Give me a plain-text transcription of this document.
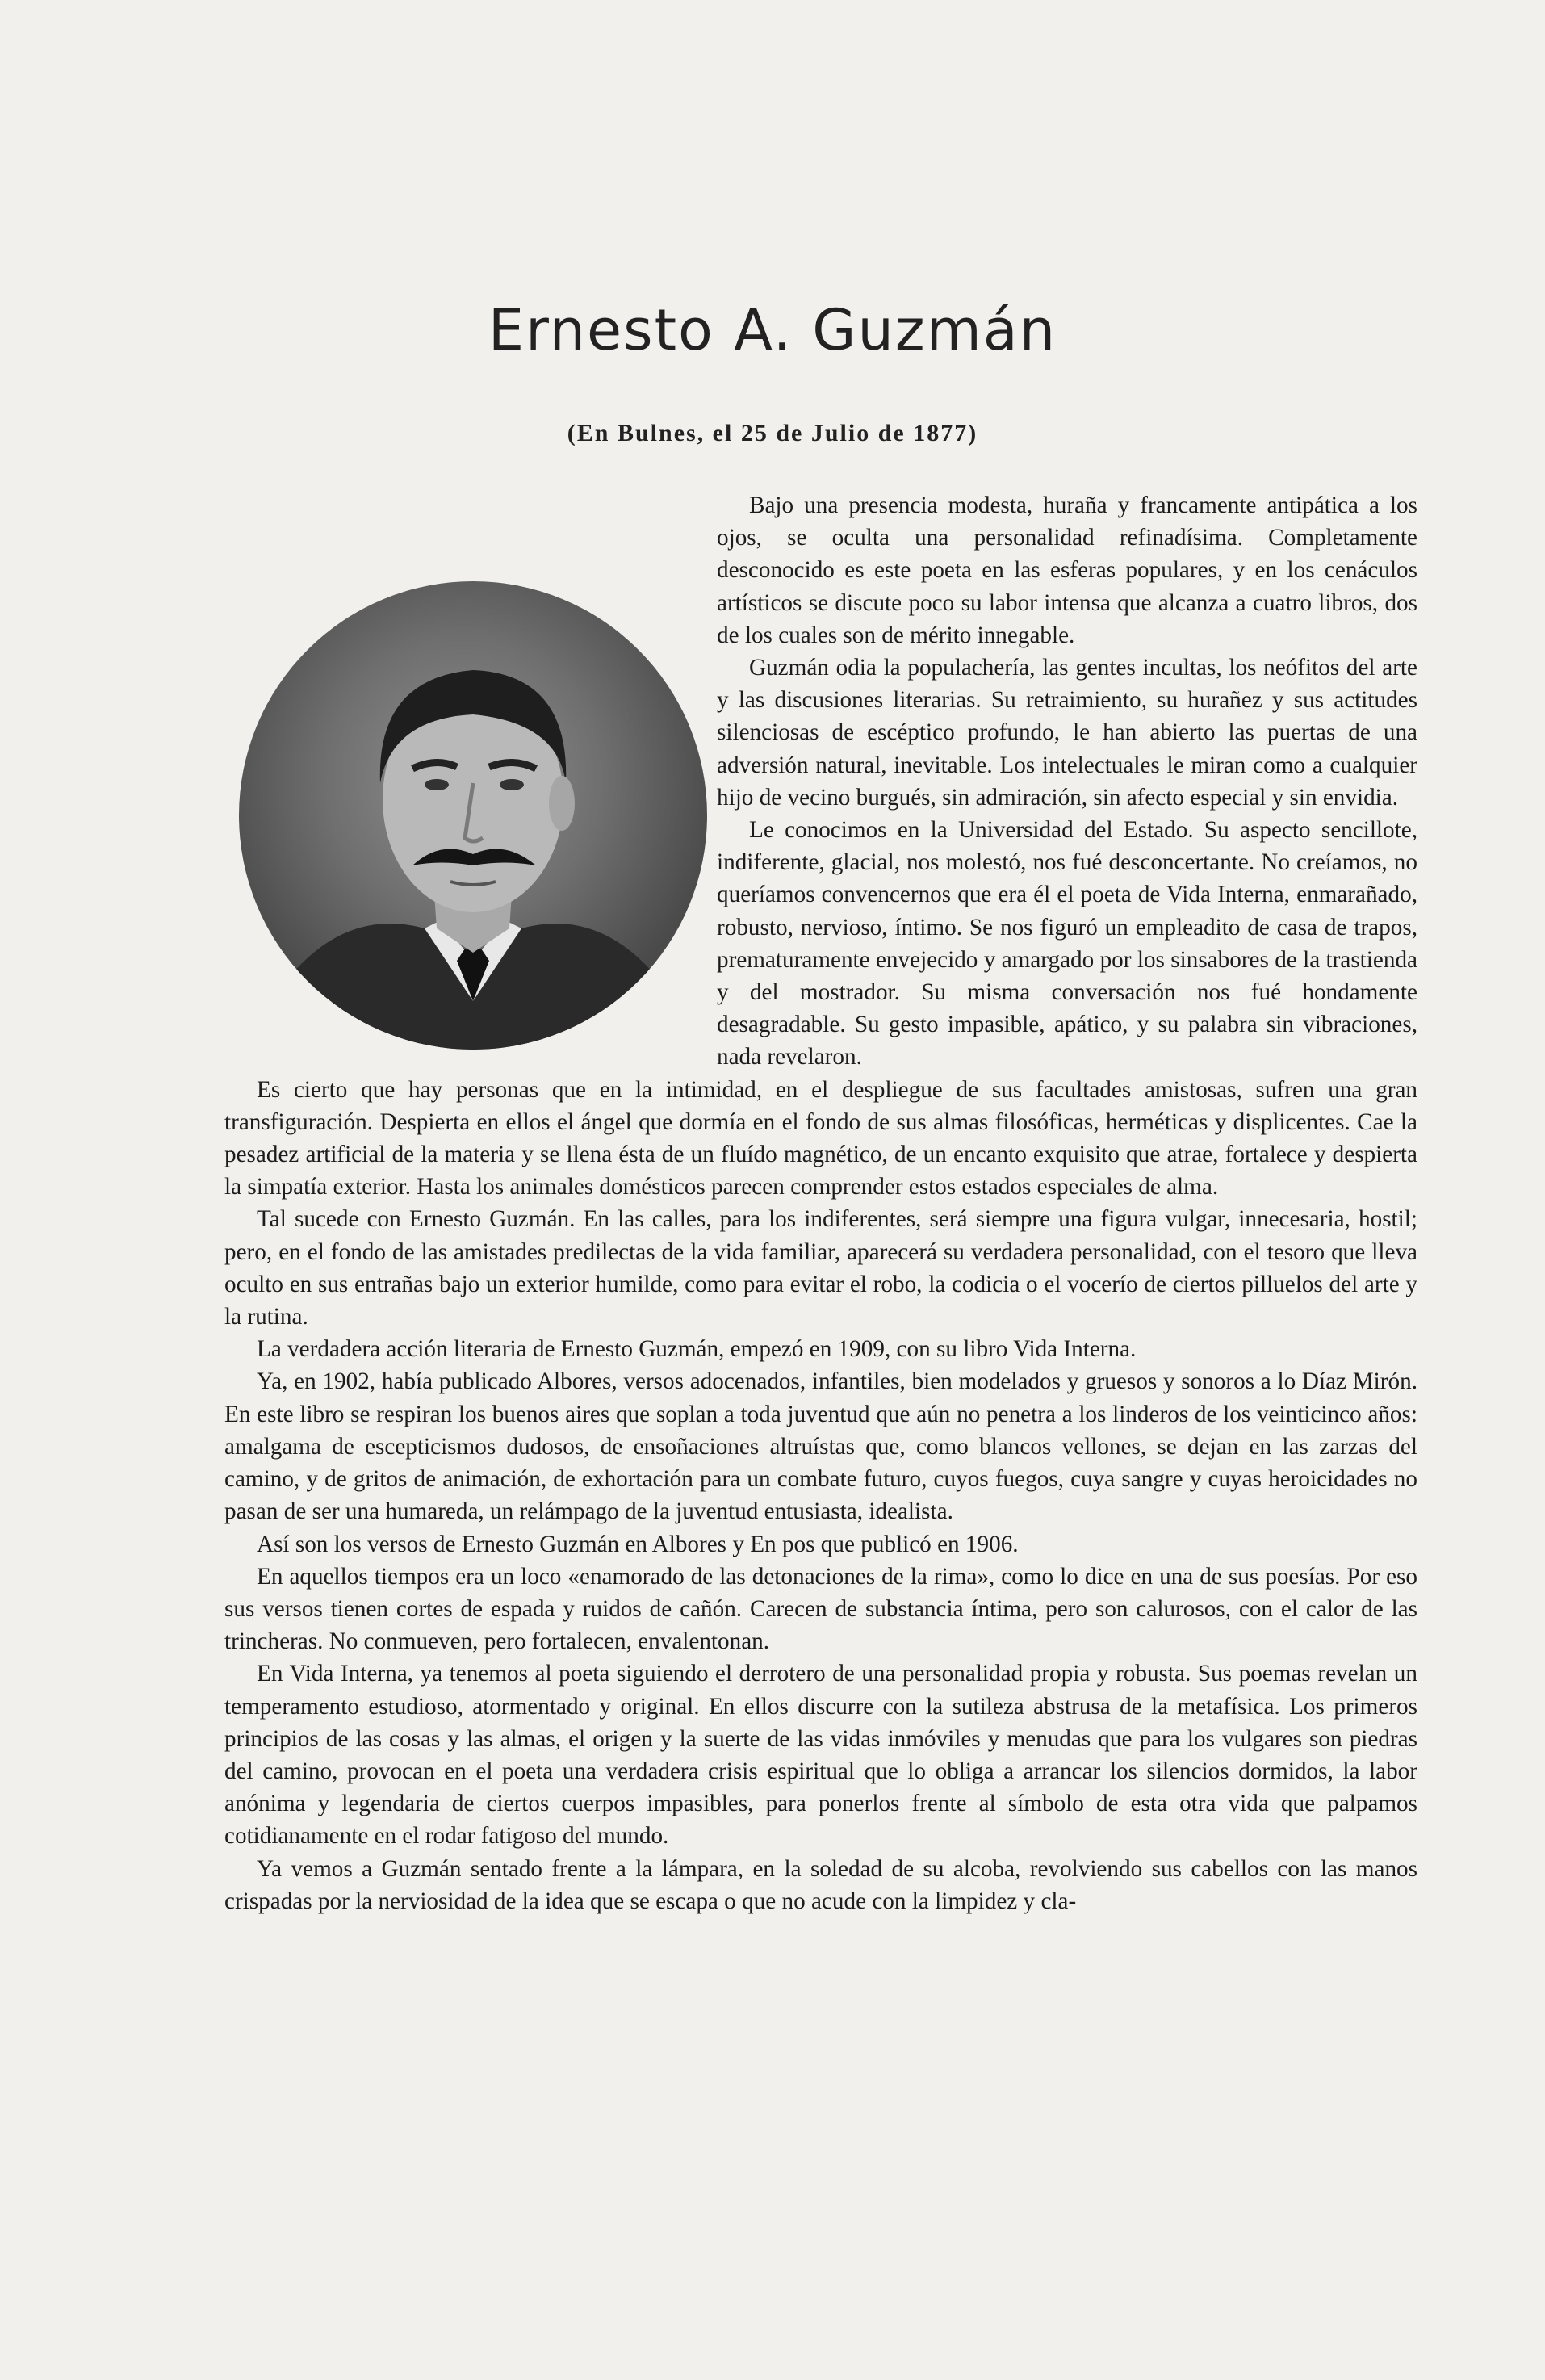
Ernesto A. Guzmán
(En Bulnes, el 25 de Julio de 1877)

Bajo una presencia modesta, huraña y francamente antipática a los ojos, se oculta una personalidad refinadísima. Completamente desconocido es este poeta en las esferas populares, y en los cenáculos artísticos se discute poco su labor intensa que alcanza a cuatro libros, dos de los cuales son de mérito innegable.

Guzmán odia la populachería, las gentes incultas, los neófitos del arte y las discusiones literarias. Su retraimiento, su hurañez y sus actitudes silenciosas de escéptico profundo, le han abierto las puertas de una adversión natural, inevitable. Los intelectuales le miran como a cualquier hijo de vecino burgués, sin admiración, sin afecto especial y sin envidia.

Le conocimos en la Universidad del Estado. Su aspecto sencillote, indiferente, glacial, nos molestó, nos fué desconcertante. No creíamos, no queríamos convencernos que era él el poeta de Vida Interna, enmarañado, robusto, nervioso, íntimo. Se nos figuró un empleadito de casa de trapos, prematuramente envejecido y amargado por los sinsabores de la trastienda y del mostrador. Su misma conversación nos fué hondamente desagradable. Su gesto impasible, apático, y su palabra sin vibraciones, nada revelaron.

Es cierto que hay personas que en la intimidad, en el despliegue de sus facultades amistosas, sufren una gran transfiguración. Despierta en ellos el ángel que dormía en el fondo de sus almas filosóficas, herméticas y displicentes. Cae la pesadez artificial de la materia y se llena ésta de un fluído magnético, de un encanto exquisito que atrae, fortalece y despierta la simpatía exterior. Hasta los animales domésticos parecen comprender estos estados especiales de alma.

Tal sucede con Ernesto Guzmán. En las calles, para los indiferentes, será siempre una figura vulgar, innecesaria, hostil; pero, en el fondo de las amistades predilectas de la vida familiar, aparecerá su verdadera personalidad, con el tesoro que lleva oculto en sus entrañas bajo un exterior humilde, como para evitar el robo, la codicia o el vocerío de ciertos pilluelos del arte y la rutina.

La verdadera acción literaria de Ernesto Guzmán, empezó en 1909, con su libro Vida Interna.

Ya, en 1902, había publicado Albores, versos adocenados, infantiles, bien modelados y gruesos y sonoros a lo Díaz Mirón. En este libro se respiran los buenos aires que soplan a toda juventud que aún no penetra a los linderos de los veinticinco años: amalgama de escepticismos dudosos, de ensoñaciones altruístas que, como blancos vellones, se dejan en las zarzas del camino, y de gritos de animación, de exhortación para un combate futuro, cuyos fuegos, cuya sangre y cuyas heroicidades no pasan de ser una humareda, un relámpago de la juventud entusiasta, idealista.

Así son los versos de Ernesto Guzmán en Albores y En pos que publicó en 1906.

En aquellos tiempos era un loco «enamorado de las detonaciones de la rima», como lo dice en una de sus poesías. Por eso sus versos tienen cortes de espada y ruidos de cañón. Carecen de substancia íntima, pero son calurosos, con el calor de las trincheras. No conmueven, pero fortalecen, envalentonan.

En Vida Interna, ya tenemos al poeta siguiendo el derrotero de una personalidad propia y robusta. Sus poemas revelan un temperamento estudioso, atormentado y original. En ellos discurre con la sutileza abstrusa de la metafísica. Los primeros principios de las cosas y las almas, el origen y la suerte de las vidas inmóviles y menudas que para los vulgares son piedras del camino, provocan en el poeta una verdadera crisis espiritual que lo obliga a arrancar los silencios dormidos, la labor anónima y legendaria de ciertos cuerpos impasibles, para ponerlos frente al símbolo de esta otra vida que palpamos cotidianamente en el rodar fatigoso del mundo.

Ya vemos a Guzmán sentado frente a la lámpara, en la soledad de su alcoba, revolviendo sus cabellos con las manos crispadas por la nerviosidad de la idea que se escapa o que no acude con la limpidez y cla-
